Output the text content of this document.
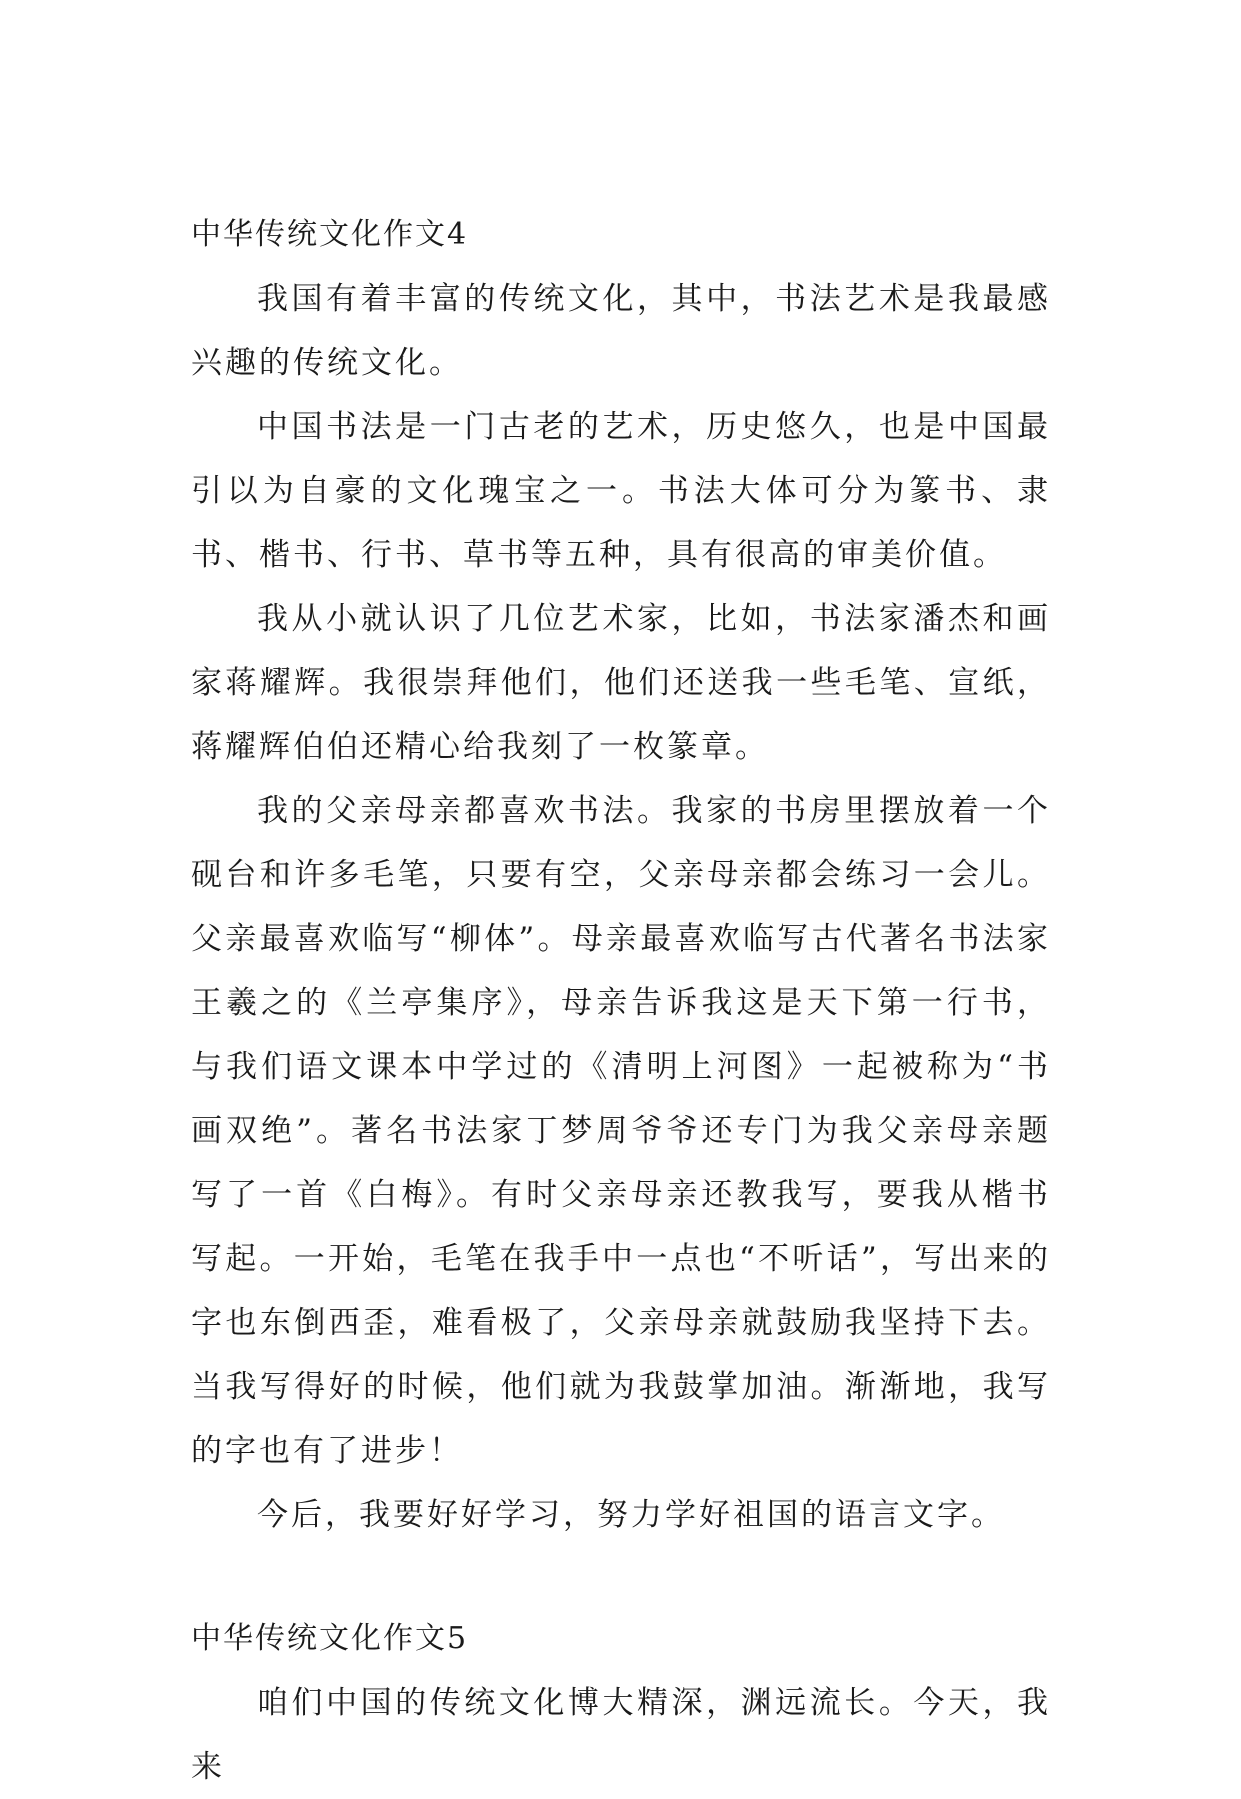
中华传统文化作文4

我国有着丰富的传统文化，其中，书法艺术是我最感兴趣的传统文化。

中国书法是一门古老的艺术，历史悠久，也是中国最引以为自豪的文化瑰宝之一。书法大体可分为篆书、隶书、楷书、行书、草书等五种，具有很高的审美价值。

我从小就认识了几位艺术家，比如，书法家潘杰和画家蒋耀辉。我很崇拜他们，他们还送我一些毛笔、宣纸，蒋耀辉伯伯还精心给我刻了一枚篆章。

我的父亲母亲都喜欢书法。我家的书房里摆放着一个砚台和许多毛笔，只要有空，父亲母亲都会练习一会儿。父亲最喜欢临写“柳体”。母亲最喜欢临写古代著名书法家王羲之的《兰亭集序》，母亲告诉我这是天下第一行书，与我们语文课本中学过的《清明上河图》一起被称为“书画双绝”。著名书法家丁梦周爷爷还专门为我父亲母亲题写了一首《白梅》。有时父亲母亲还教我写，要我从楷书写起。一开始，毛笔在我手中一点也“不听话”，写出来的字也东倒西歪，难看极了，父亲母亲就鼓励我坚持下去。当我写得好的时候，他们就为我鼓掌加油。渐渐地，我写的字也有了进步！

今后，我要好好学习，努力学好祖国的语言文字。

中华传统文化作文5

咱们中国的传统文化博大精深，渊远流长。今天，我来
